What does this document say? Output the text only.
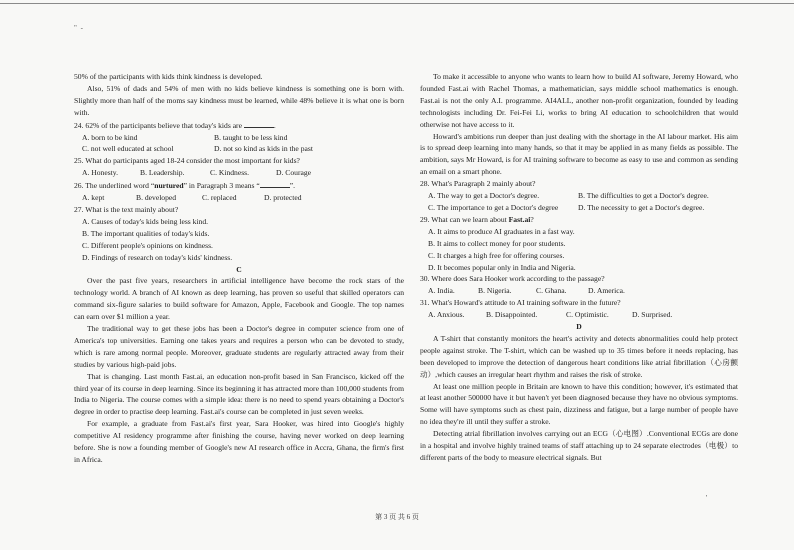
" -

50% of the participants with kids think kindness is developed.

Also, 51% of dads and 54% of men with no kids believe kindness is something one is born with. Slightly more than half of the moms say kindness must be learned, while 48% believe it is what one is born with.

24. 62% of the participants believe that today's kids are	.

A. born to be kind	B. taught to be less kind
C. not well educated at school	D. not so kind as kids in the past

25. What do participants aged 18-24 consider the most important for kids?

A. Honesty.	B. Leadership.	C. Kindness.	D. Courage

26. The underlined word “nurtured” in Paragraph 3 means “	”.

A. kept	B. developed	C. replaced	D. protected

27. What is the text mainly about?

A. Causes of today's kids being less kind.

B. The important qualities of today's kids.

C. Different people's opinions on kindness.

D. Findings of research on today's kids' kindness.

C

Over the past five years, researchers in artificial intelligence have become the rock stars of the technology world. A branch of AI known as deep learning, has proven so useful that skilled operators can command six-figure salaries to build software for Amazon, Apple, Facebook and Google. The top names can earn over $1 million a year.

The traditional way to get these jobs has been a Doctor's degree in computer science from one of America's top universities. Earning one takes years and requires a person who can be devoted to study, which is rare among normal people. Moreover, graduate students are regularly attracted away from their studies by various high-paid jobs.

That is changing. Last month Fast.ai, an education non-profit based in San Francisco, kicked off the third year of its course in deep learning. Since its beginning it has attracted more than 100,000 students from India to Nigeria. The course comes with a simple idea: there is no need to spend years obtaining a Doctor's degree in order to practise deep learning. Fast.ai's course can be completed in just seven weeks.

For example, a graduate from Fast.ai's first year, Sara Hooker, was hired into Google's highly competitive AI residency programme after finishing the course, having never worked on deep learning before. She is now a founding member of Google's new AI research office in Accra, Ghana, the firm's first in Africa.

To make it accessible to anyone who wants to learn how to build AI software, Jeremy Howard, who founded Fast.ai with Rachel Thomas, a mathematician, says middle school mathematics is enough. Fast.ai is not the only A.I. programme. AI4ALL, another non-profit organization, founded by leading technologists including Dr. Fei-Fei Li, works to bring AI education to schoolchildren that would otherwise not have access to it.

Howard's ambitions run deeper than just dealing with the shortage in the AI labour market. His aim is to spread deep learning into many hands, so that it may be applied in as many fields as possible. The ambition, says Mr Howard, is for AI training software to become as easy to use and common as sending an email on a smart phone.

28. What's Paragraph 2 mainly about?

A. The way to get a Doctor's degree.	B. The difficulties to get a Doctor's degree.
C. The importance to get a Doctor's degree	D. The necessity to get a Doctor's degree.

29. What can we learn about Fast.ai?

A. It aims to produce AI graduates in a fast way.

B. It aims to collect money for poor students.

C. It charges a high free for offering courses.

D. It becomes popular only in India and Nigeria.

30. Where does Sara Hooker work according to the passage?

A. India.	B. Nigeria.	C. Ghana.	D. America.

31. What's Howard's attitude to AI training software in the future?

A. Anxious.	B. Disappointed.	C. Optimistic.	D. Surprised.

D

A T-shirt that constantly monitors the heart's activity and detects abnormalities could help protect people against stroke. The T-shirt, which can be washed up to 35 times before it needs replacing, has been developed to improve the detection of dangerous heart conditions like atrial fibrillation（心房颤动）,which causes an irregular heart rhythm and raises the risk of stroke.

At least one million people in Britain are known to have this condition; however, it's estimated that at least another 500000 have it but haven't yet been diagnosed because they have no obvious symptoms. Some will have symptoms such as chest pain, dizziness and fatigue, but a large number of people have no idea they're ill until they suffer a stroke.

Detecting atrial fibrillation involves carrying out an ECG（心电图）.Conventional ECGs are done in a hospital and involve highly trained teams of staff attaching up to 24 separate electrodes（电极）to different parts of the body to measure electrical signals. But

'
第 3 页 共 6 页
